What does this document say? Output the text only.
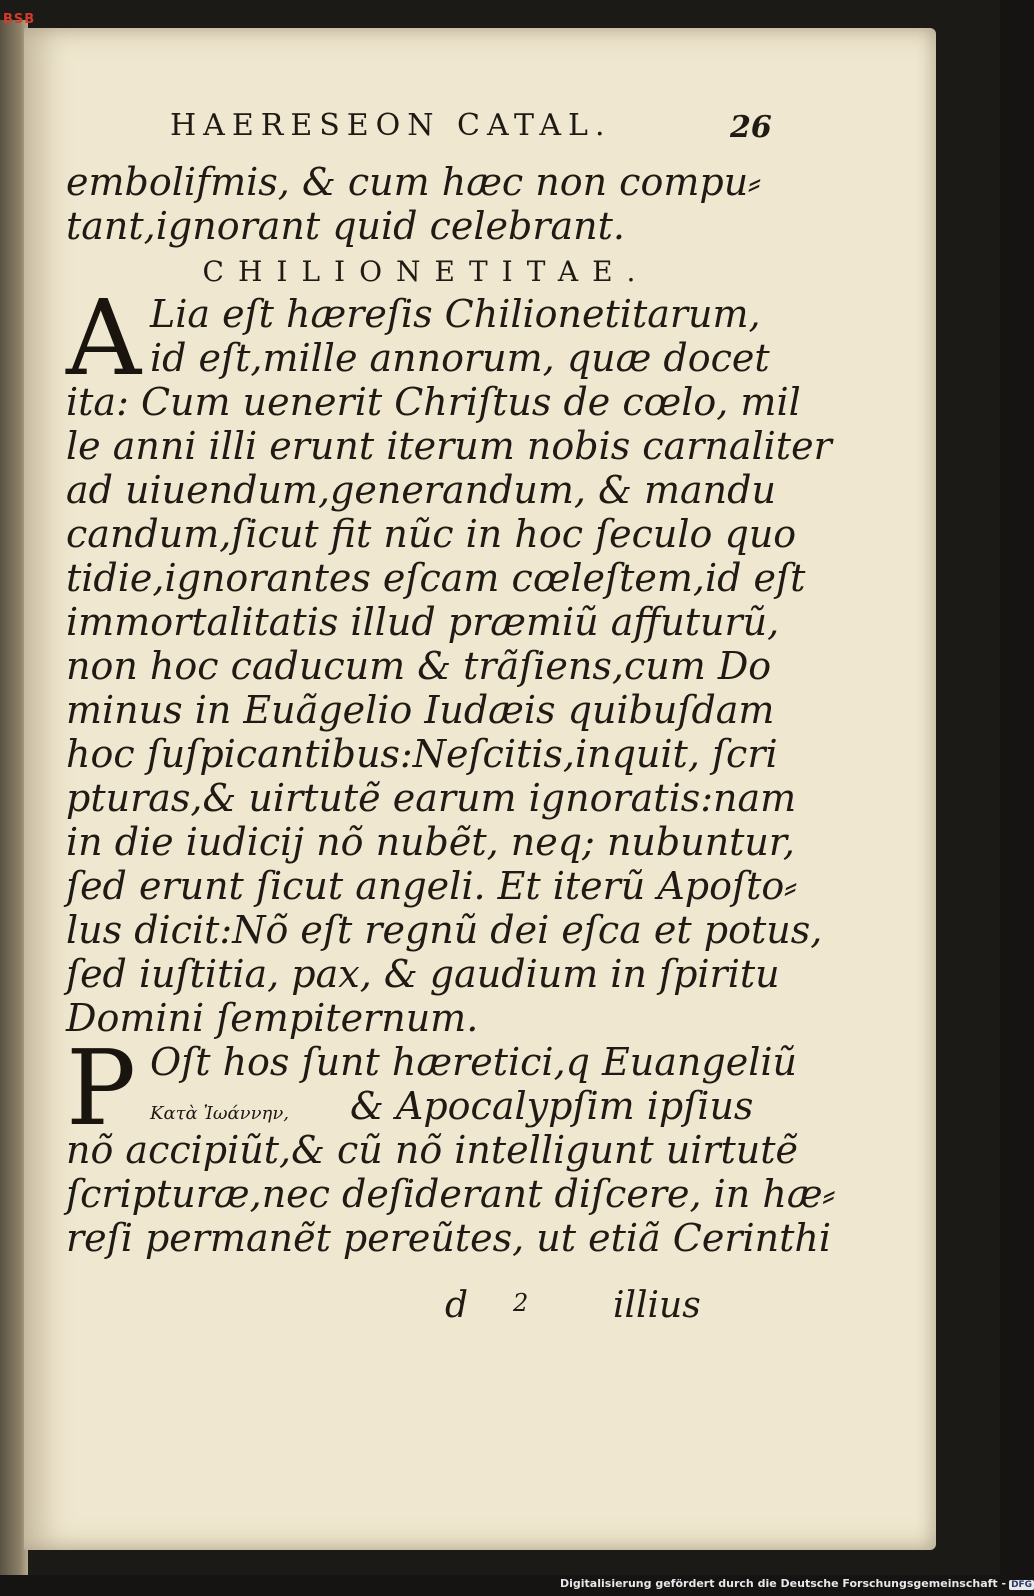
BSB
HAERESEON CATAL.	26
embolifmis, & cum hæc non compu⸗
tant,ignorant quid celebrant.
CHILIONETITAE.
A Lia eſt hæreſis Chilionetitarum,
id eſt,mille annorum, quæ docet
ita: Cum uenerit Chriſtus de cœlo, mil
le anni illi erunt iterum nobis carnaliter
ad uiuendum,generandum, & mandu
candum,ſicut fit nũc in hoc ſeculo quo
tidie,ignorantes eſcam cœleſtem,id eſt
immortalitatis illud præmiũ affuturũ,
non hoc caducum & trãſiens,cum Do
minus in Euãgelio Iudæis quibuſdam
hoc ſuſpicantibus:Neſcitis,inquit, ſcri
pturas,& uirtutẽ earum ignoratis:nam
in die iudicij nõ nubẽt, neq; nubuntur,
ſed erunt ſicut angeli. Et iterũ Apoſto⸗
lus dicit:Nõ eſt regnũ dei eſca et potus,
ſed iuſtitia, pax, & gaudium in ſpiritu
Domini ſempiternum.
P Oſt hos ſunt hæretici,q Euangeliũ
Κατὰ Ἰωάννην, & Apocalypſim ipſius
nõ accipiũt,& cũ nõ intelligunt uirtutẽ
ſcripturæ,nec deſiderant diſcere, in hæ⸗
reſi permanẽt pereũtes, ut etiã Cerinthi
d 2 illius
Digitalisierung gefördert durch die Deutsche Forschungsgemeinschaft - DFG
